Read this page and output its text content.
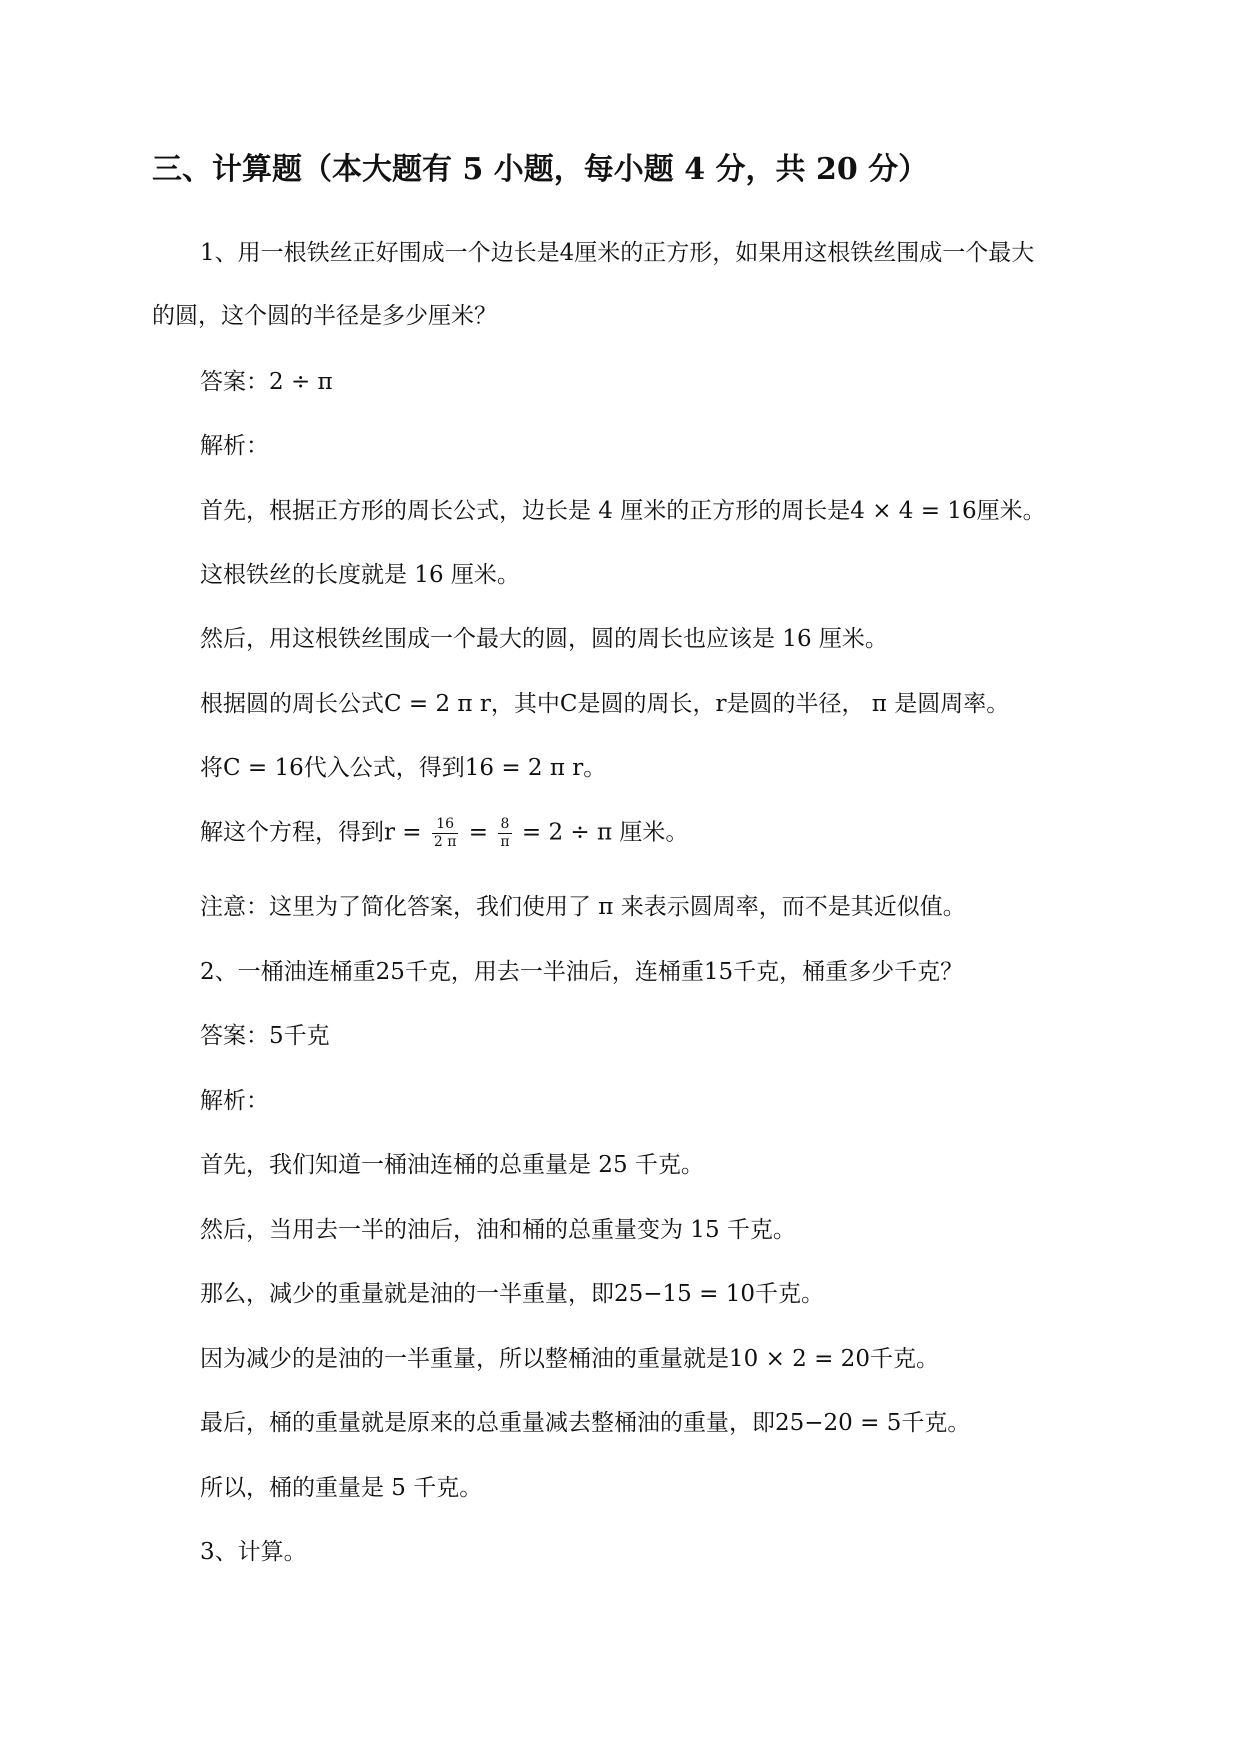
三、计算题（本大题有 5 小题，每小题 4 分，共 20 分）
1、用一根铁丝正好围成一个边长是4厘米的正方形，如果用这根铁丝围成一个最大
的圆，这个圆的半径是多少厘米？
答案：2 ÷ π
解析：
首先，根据正方形的周长公式，边长是 4 厘米的正方形的周长是4 × 4 = 16厘米。
这根铁丝的长度就是 16 厘米。
然后，用这根铁丝围成一个最大的圆，圆的周长也应该是 16 厘米。
根据圆的周长公式C = 2 π r，其中C是圆的周长，r是圆的半径， π 是圆周率。
将C = 16代入公式，得到16 = 2 π r。
解这个方程，得到$r = \frac{16}{2 \pi} = \frac{8}{\pi} = 2 \div \pi$ 厘米。
注意：这里为了简化答案，我们使用了 π 来表示圆周率，而不是其近似值。
2、一桶油连桶重25千克，用去一半油后，连桶重15千克，桶重多少千克？
答案：5千克
解析：
首先，我们知道一桶油连桶的总重量是 25 千克。
然后，当用去一半的油后，油和桶的总重量变为 15 千克。
那么，减少的重量就是油的一半重量，即25−15 = 10千克。
因为减少的是油的一半重量，所以整桶油的重量就是10 × 2 = 20千克。
最后，桶的重量就是原来的总重量减去整桶油的重量，即25−20 = 5千克。
所以，桶的重量是 5 千克。
3、计算。
